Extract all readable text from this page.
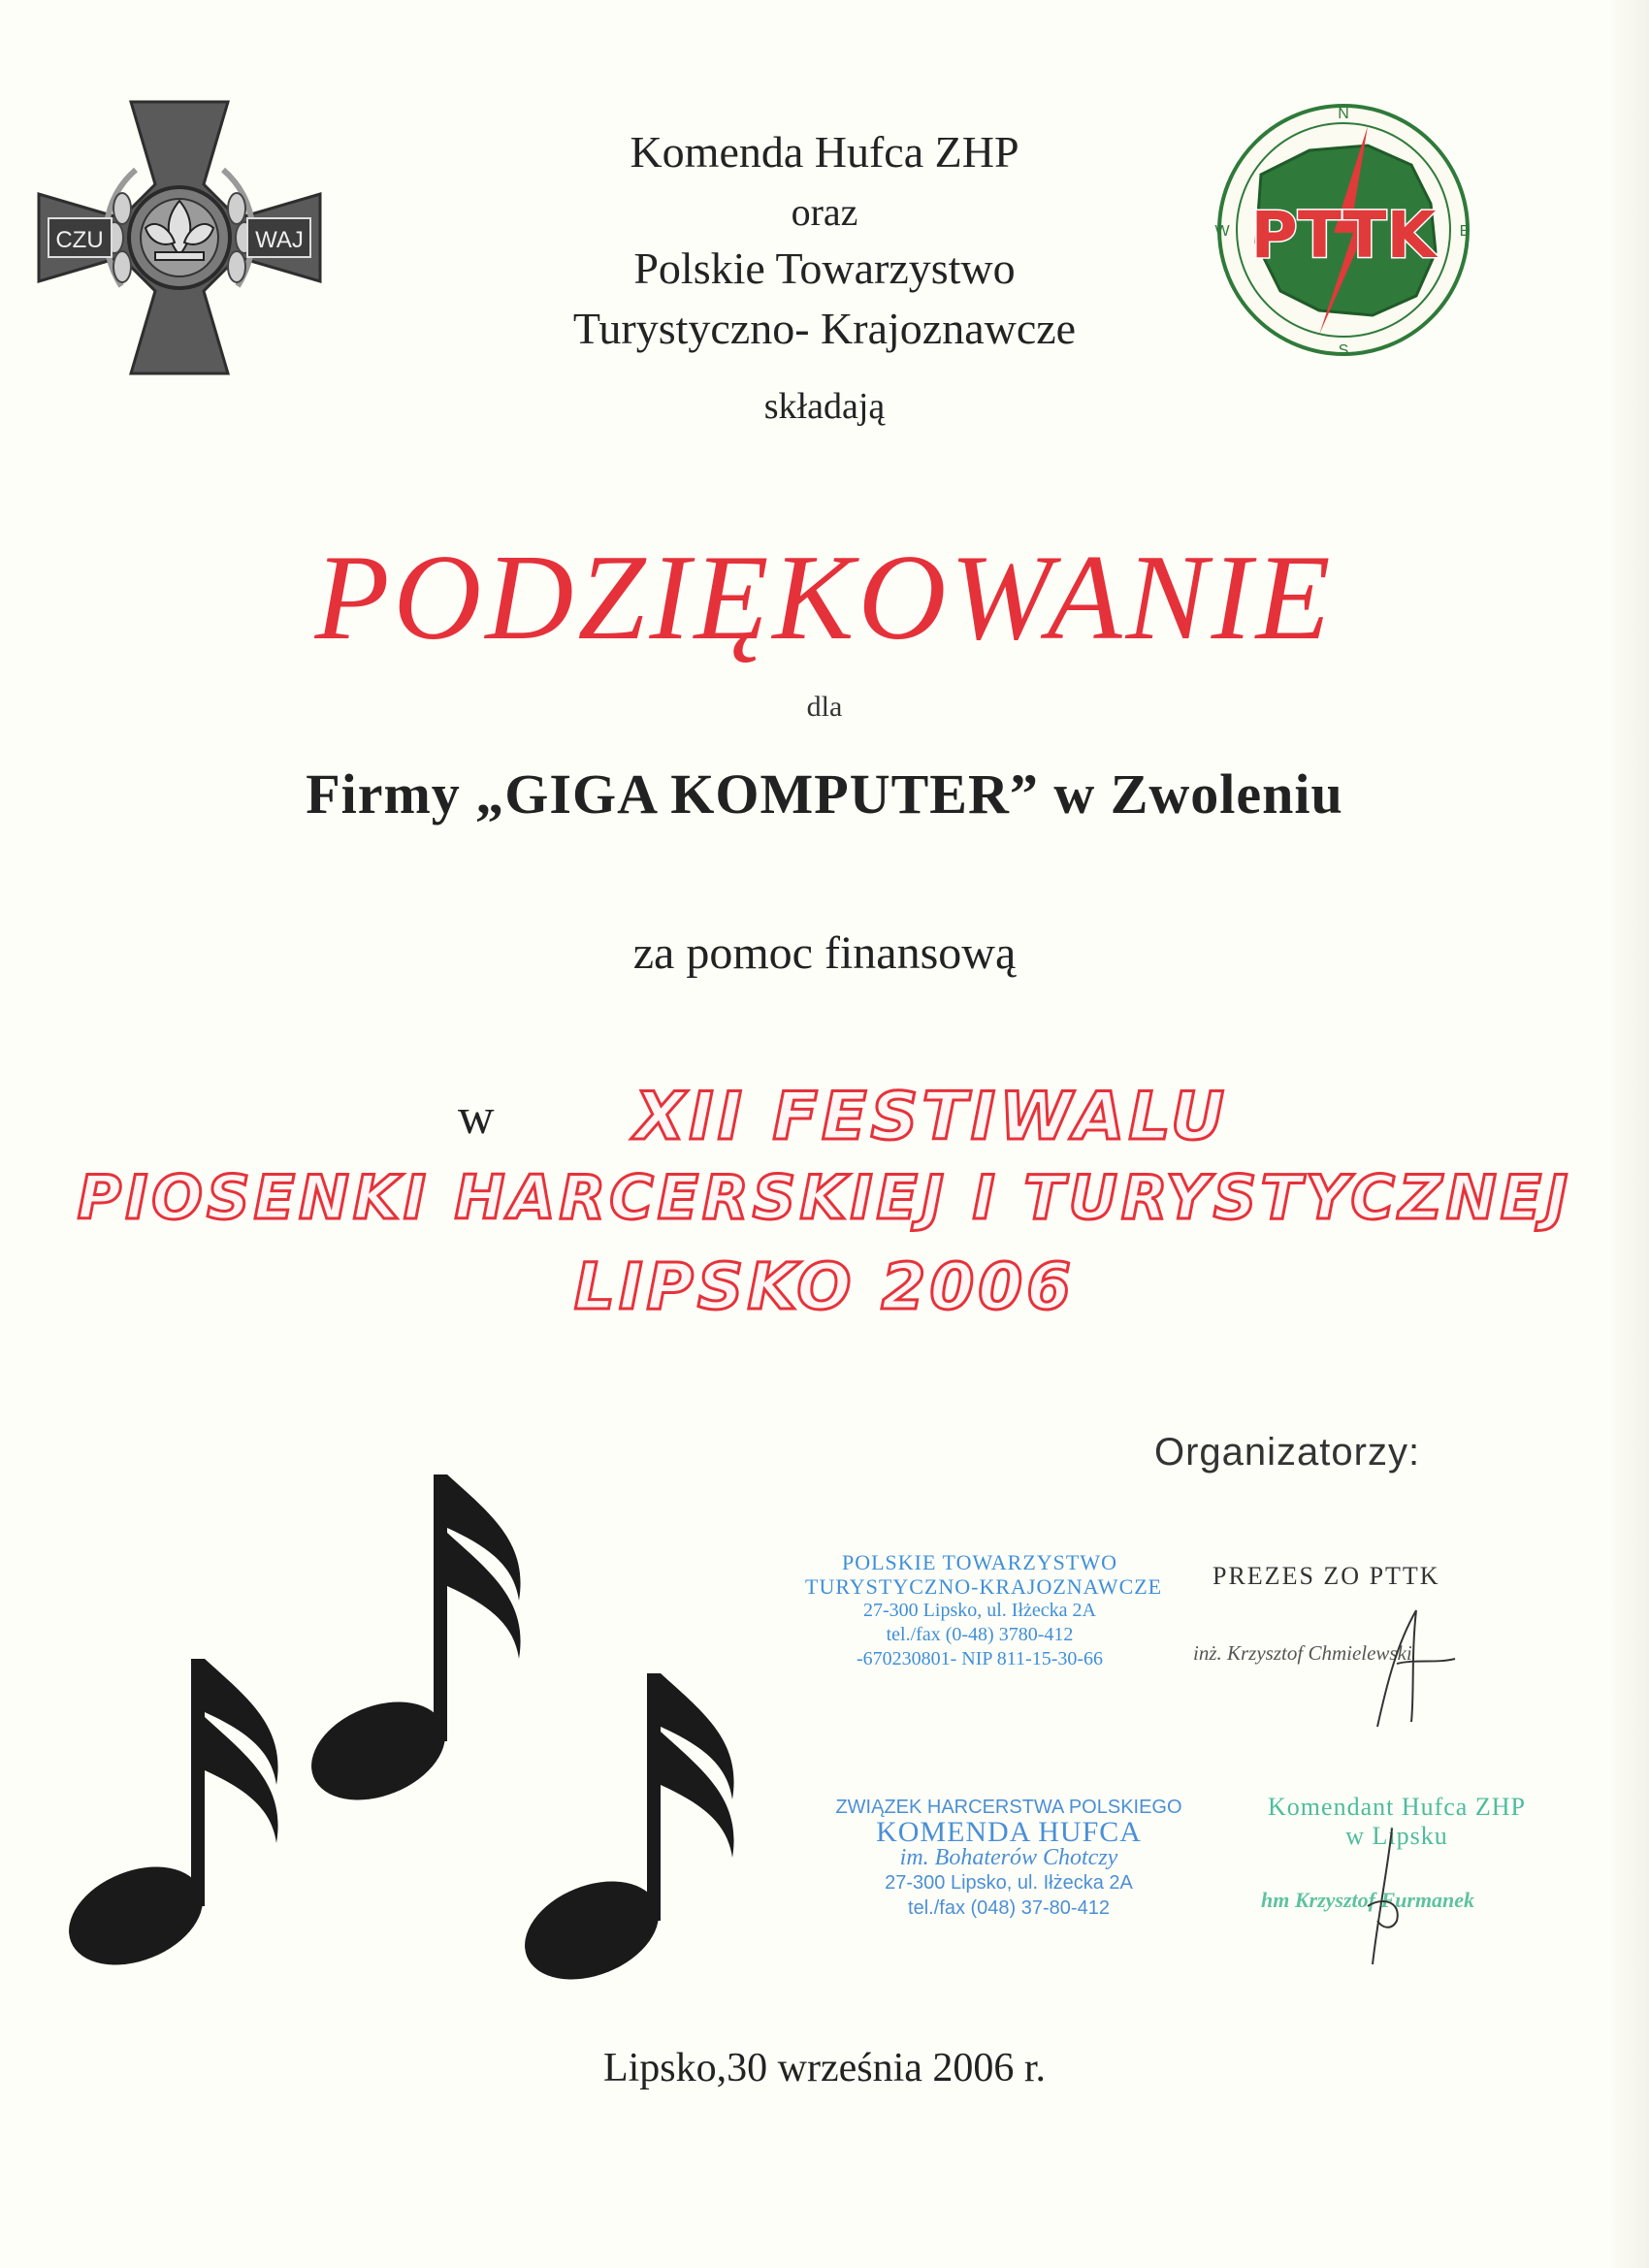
CZU	WAJ	PTTK
N
S
E
W
Komenda Hufca ZHP
oraz
Polskie Towarzystwo
Turystyczno- Krajoznawcze
składają
PODZIĘKOWANIE
dla
Firmy „GIGA KOMPUTER” w Zwoleniu
za pomoc finansową
w	XII FESTIWALU
PIOSENKI HARCERSKIEJ I TURYSTYCZNEJ
LIPSKO 2006
Organizatorzy:
POLSKIE TOWARZYSTWO
TURYSTYCZNO-KRAJOZNAWCZE
27-300 Lipsko, ul. Iłżecka 2A
tel./fax (0-48) 3780-412
-670230801- NIP 811-15-30-66
PREZES ZO PTTK
inż. Krzysztof Chmielewski
ZWIĄZEK HARCERSTWA POLSKIEGO
KOMENDA HUFCA
im. Bohaterów Chotczy
27-300 Lipsko, ul. Iłżecka 2A
tel./fax (048) 37-80-412
Komendant Hufca ZHP
w Lipsku
hm Krzysztof Furmanek
Lipsko,30 września 2006 r.
